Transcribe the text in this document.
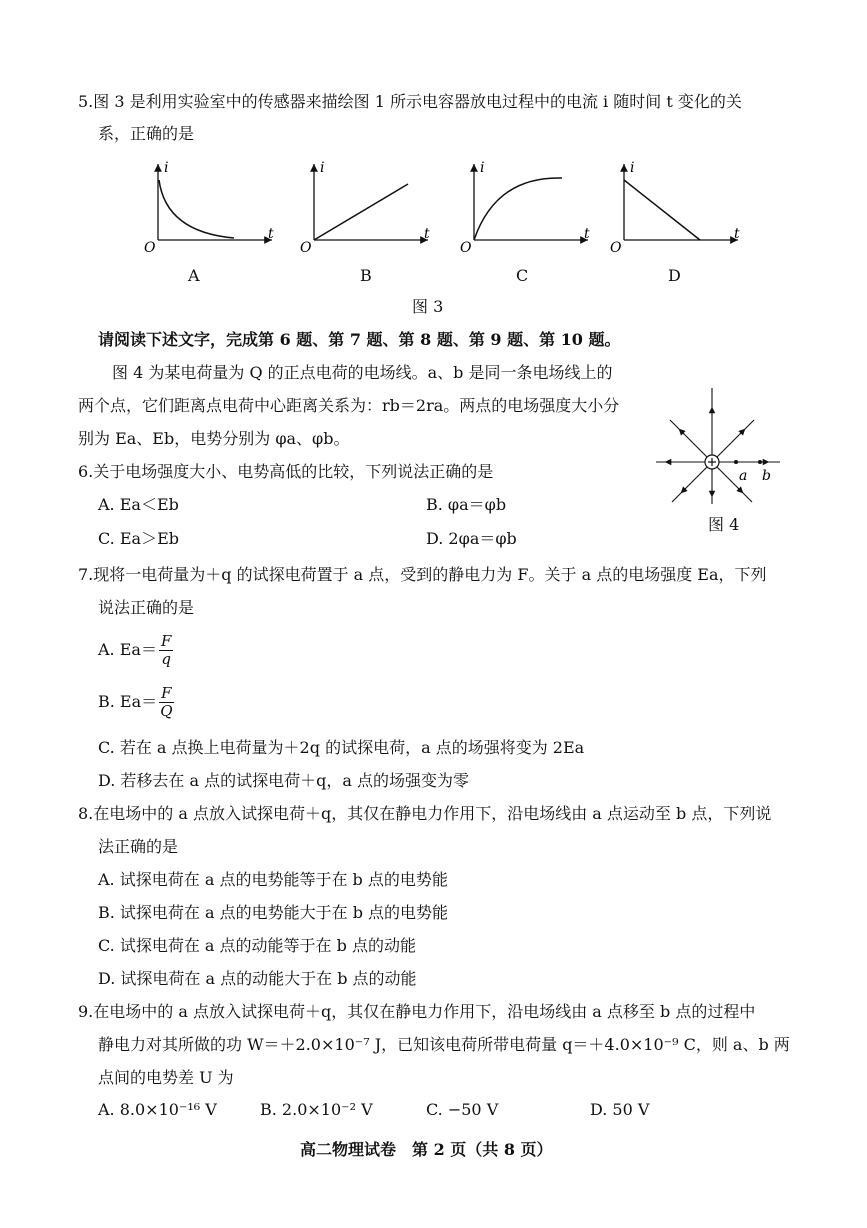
5.图 3 是利用实验室中的传感器来描绘图 1 所示电容器放电过程中的电流 i 随时间 t 变化的关
系，正确的是
i
t
O
A
i
t
O
B
i
t
O
C
i
t
O
D
图 3
请阅读下述文字，完成第 6 题、第 7 题、第 8 题、第 9 题、第 10 题。
图 4 为某电荷量为 Q 的正点电荷的电场线。a、b 是同一条电场线上的
两个点，它们距离点电荷中心距离关系为：rb＝2ra。两点的电场强度大小分
别为 Ea、Eb，电势分别为 φa、φb。
a b
图 4
6.关于电场强度大小、电势高低的比较，下列说法正确的是
A. Ea＜Eb	B. φa＝φb
C. Ea＞Eb	D. 2φa＝φb
7.现将一电荷量为＋q 的试探电荷置于 a 点，受到的静电力为 F。关于 a 点的电场强度 Ea，下列
说法正确的是
A. $Ea= \frac{F}{q}$
B. $Ea= \frac{F}{Q}$
C. 若在 a 点换上电荷量为＋2q 的试探电荷，a 点的场强将变为 2Ea
D. 若移去在 a 点的试探电荷＋q，a 点的场强变为零
8.在电场中的 a 点放入试探电荷＋q，其仅在静电力作用下，沿电场线由 a 点运动至 b 点，下列说
法正确的是
A. 试探电荷在 a 点的电势能等于在 b 点的电势能
B. 试探电荷在 a 点的电势能大于在 b 点的电势能
C. 试探电荷在 a 点的动能等于在 b 点的动能
D. 试探电荷在 a 点的动能大于在 b 点的动能
9.在电场中的 a 点放入试探电荷＋q，其仅在静电力作用下，沿电场线由 a 点移至 b 点的过程中
静电力对其所做的功 W＝＋2.0×10⁻⁷ J，已知该电荷所带电荷量 q＝＋4.0×10⁻⁹ C，则 a、b 两
点间的电势差 U 为
A. 8.0×10⁻¹⁶ V	B. 2.0×10⁻² V	C. −50 V	D. 50 V
高二物理试卷　第 2 页（共 8 页）
